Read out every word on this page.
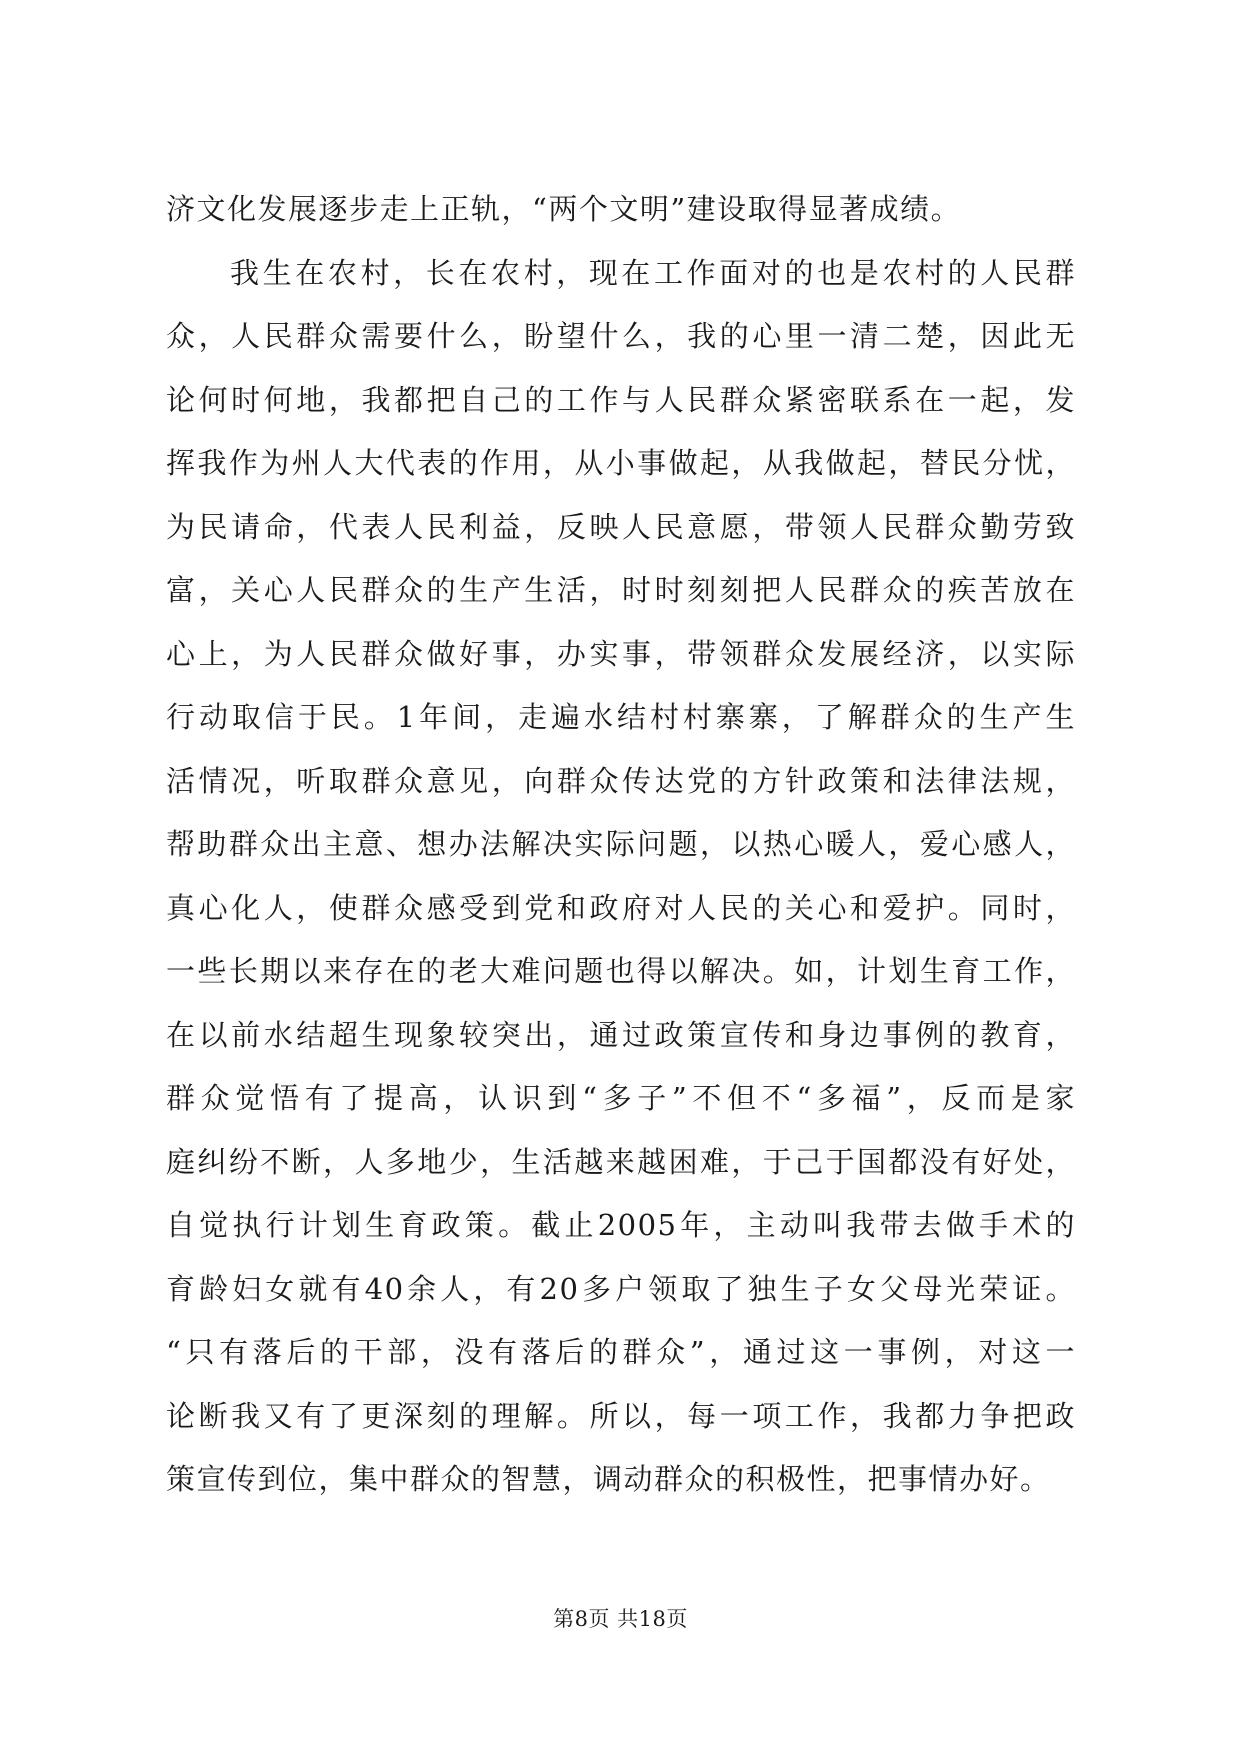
济文化发展逐步走上正轨，“两个文明”建设取得显著成绩。
我生在农村，长在农村，现在工作面对的也是农村的人民群
众，人民群众需要什么，盼望什么，我的心里一清二楚，因此无
论何时何地，我都把自己的工作与人民群众紧密联系在一起，发
挥我作为州人大代表的作用，从小事做起，从我做起，替民分忧，
为民请命，代表人民利益，反映人民意愿，带领人民群众勤劳致
富，关心人民群众的生产生活，时时刻刻把人民群众的疾苦放在
心上，为人民群众做好事，办实事，带领群众发展经济，以实际
行动取信于民。1年间，走遍水结村村寨寨，了解群众的生产生
活情况，听取群众意见，向群众传达党的方针政策和法律法规，
帮助群众出主意、想办法解决实际问题，以热心暖人，爱心感人，
真心化人，使群众感受到党和政府对人民的关心和爱护。同时，
一些长期以来存在的老大难问题也得以解决。如，计划生育工作，
在以前水结超生现象较突出，通过政策宣传和身边事例的教育，
群众觉悟有了提高，认识到“多子”不但不“多福”，反而是家
庭纠纷不断，人多地少，生活越来越困难，于己于国都没有好处，
自觉执行计划生育政策。截止2005年，主动叫我带去做手术的
育龄妇女就有40余人，有20多户领取了独生子女父母光荣证。
“只有落后的干部，没有落后的群众”，通过这一事例，对这一
论断我又有了更深刻的理解。所以，每一项工作，我都力争把政
策宣传到位，集中群众的智慧，调动群众的积极性，把事情办好。
第8页 共18页
